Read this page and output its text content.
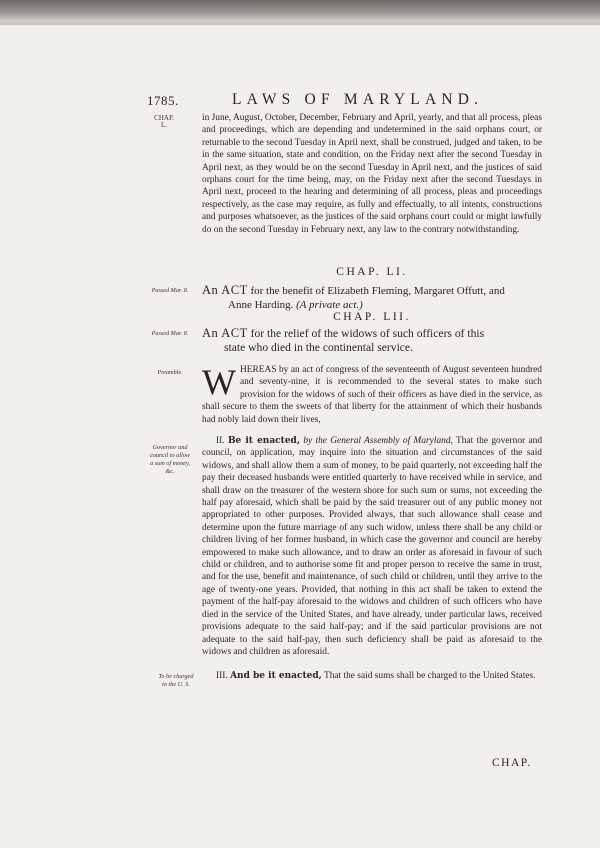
1785.	LAWS OF MARYLAND.
CHAP.
L.
Passed Mar. 8.
Passed Mar. 8.
Preamble.
Governor and council to allow a sum of money, &c.
To be charged to the U. S.

in June, August, October, December, February and April, yearly, and that all process, pleas and proceedings, which are depending and undetermined in the said orphans court, or returnable to the second Tuesday in April next, shall be construed, judged and taken, to be in the same situation, state and condition, on the Friday next after the second Tuesday in April next, as they would be on the second Tuesday in April next, and the justices of said orphans court for the time being, may, on the Friday next after the second Tuesdays in April next, proceed to the hearing and determining of all process, pleas and proceedings respectively, as the case may require, as fully and effectually, to all intents, constructions and purposes whatsoever, as the justices of the said orphans court could or might lawfully do on the second Tuesday in February next, any law to the contrary notwithstanding.

CHAP. LI.
An ACT for the benefit of Elizabeth Fleming, Margaret Offutt, and
Anne Harding. (A private act.)
CHAP. LII.
An ACT for the relief of the widows of such officers of this
state who died in the continental service.
WHEREAS by an act of congress of the seventeenth of August seventeen hundred and seventy-nine, it is recommended to the several states to make such provision for the widows of such of their officers as have died in the service, as shall secure to them the sweets of that liberty for the attainment of which their husbands had nobly laid down their lives,

II. Be it enacted, by the General Assembly of Maryland, That the governor and council, on application, may inquire into the situation and circumstances of the said widows, and shall allow them a sum of money, to be paid quarterly, not exceeding half the pay their deceased husbands were entitled quarterly to have received while in service, and shall draw on the treasurer of the western shore for such sum or sums, not exceeding the half pay aforesaid, which shall be paid by the said treasurer out of any public money not appropriated to other purposes. Provided always, that such allowance shall cease and determine upon the future marriage of any such widow, unless there shall be any child or children living of her former husband, in which case the governor and council are hereby empowered to make such allowance, and to draw an order as aforesaid in favour of such child or children, and to authorise some fit and proper person to receive the same in trust, and for the use, benefit and maintenance, of such child or children, until they arrive to the age of twenty-one years. Provided, that nothing in this act shall be taken to extend the payment of the half-pay aforesaid to the widows and children of such officers who have died in the service of the United States, and have already, under particular laws, received provisions adequate to the said half-pay; and if the said particular provisions are not adequate to the said half-pay, then such deficiency shall be paid as aforesaid to the widows and children as aforesaid.

III. And be it enacted, That the said sums shall be charged to the United States.

CHAP.
